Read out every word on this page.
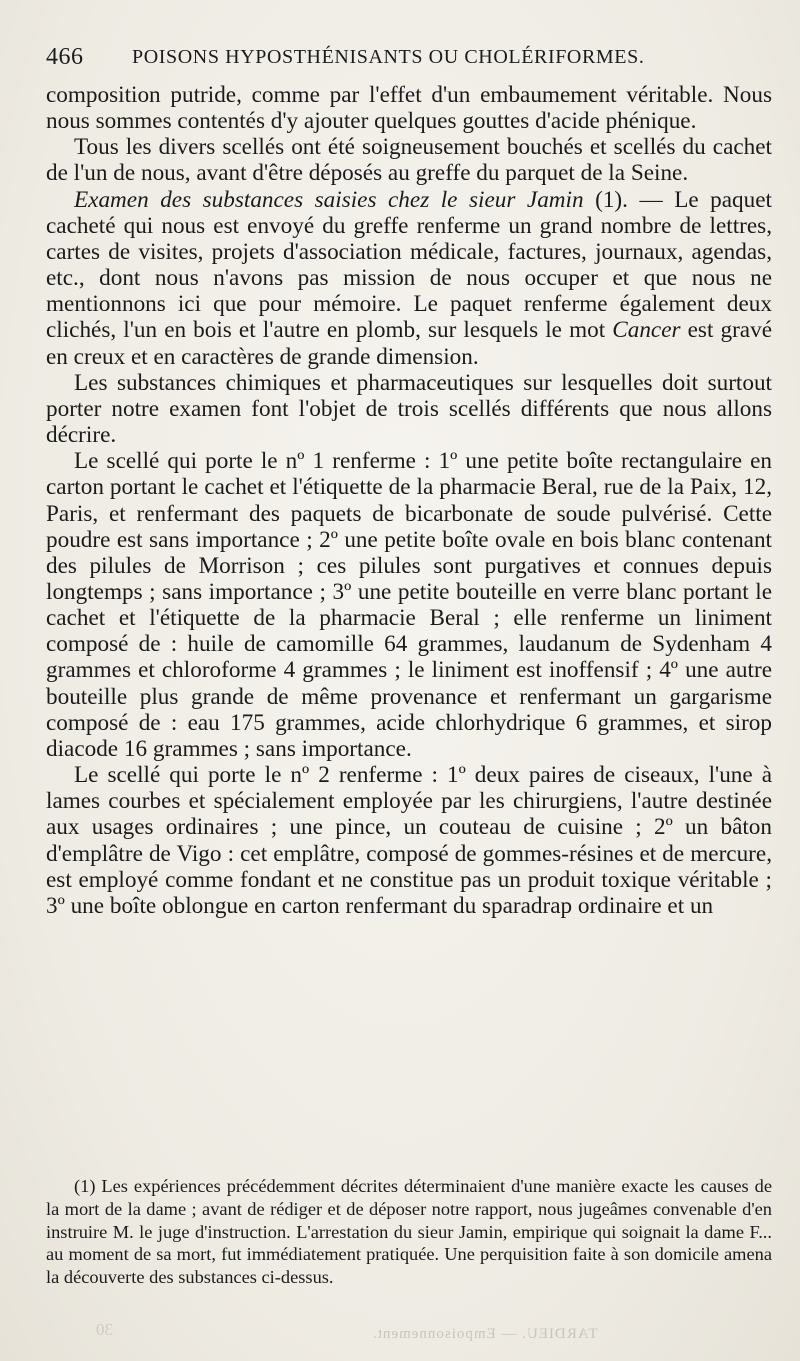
466 POISONS HYPOSTHÉNISANTS OU CHOLÉRIFORMES.

composition putride, comme par l'effet d'un embaumement véritable. Nous nous sommes contentés d'y ajouter quelques gouttes d'acide phénique.

Tous les divers scellés ont été soigneusement bouchés et scellés du cachet de l'un de nous, avant d'être déposés au greffe du parquet de la Seine.

Examen des substances saisies chez le sieur Jamin (1). — Le paquet cacheté qui nous est envoyé du greffe renferme un grand nombre de lettres, cartes de visites, projets d'association médicale, factures, journaux, agendas, etc., dont nous n'avons pas mission de nous occuper et que nous ne mentionnons ici que pour mémoire. Le paquet renferme également deux clichés, l'un en bois et l'autre en plomb, sur lesquels le mot Cancer est gravé en creux et en caractères de grande dimension.

Les substances chimiques et pharmaceutiques sur lesquelles doit surtout porter notre examen font l'objet de trois scellés différents que nous allons décrire.

Le scellé qui porte le nº 1 renferme : 1º une petite boîte rectangulaire en carton portant le cachet et l'étiquette de la pharmacie Beral, rue de la Paix, 12, Paris, et renfermant des paquets de bicarbonate de soude pulvérisé. Cette poudre est sans importance ; 2º une petite boîte ovale en bois blanc contenant des pilules de Morrison ; ces pilules sont purgatives et connues depuis longtemps ; sans importance ; 3º une petite bouteille en verre blanc portant le cachet et l'étiquette de la pharmacie Beral ; elle renferme un liniment composé de : huile de camomille 64 grammes, laudanum de Sydenham 4 grammes et chloroforme 4 grammes ; le liniment est inoffensif ; 4º une autre bouteille plus grande de même provenance et renfermant un gargarisme composé de : eau 175 grammes, acide chlorhydrique 6 grammes, et sirop diacode 16 grammes ; sans importance.

Le scellé qui porte le nº 2 renferme : 1º deux paires de ciseaux, l'une à lames courbes et spécialement employée par les chirurgiens, l'autre destinée aux usages ordinaires ; une pince, un couteau de cuisine ; 2º un bâton d'emplâtre de Vigo : cet emplâtre, composé de gommes-résines et de mercure, est employé comme fondant et ne constitue pas un produit toxique véritable ; 3º une boîte oblongue en carton renfermant du sparadrap ordinaire et un

(1) Les expériences précédemment décrites déterminaient d'une manière exacte les causes de la mort de la dame ; avant de rédiger et de déposer notre rapport, nous jugeâmes convenable d'en instruire M. le juge d'instruction. L'arrestation du sieur Jamin, empirique qui soignait la dame F... au moment de sa mort, fut immédiatement pratiquée. Une perquisition faite à son domicile amena la découverte des substances ci-dessus.

TARDIEU. — Empoisonnement.
30
